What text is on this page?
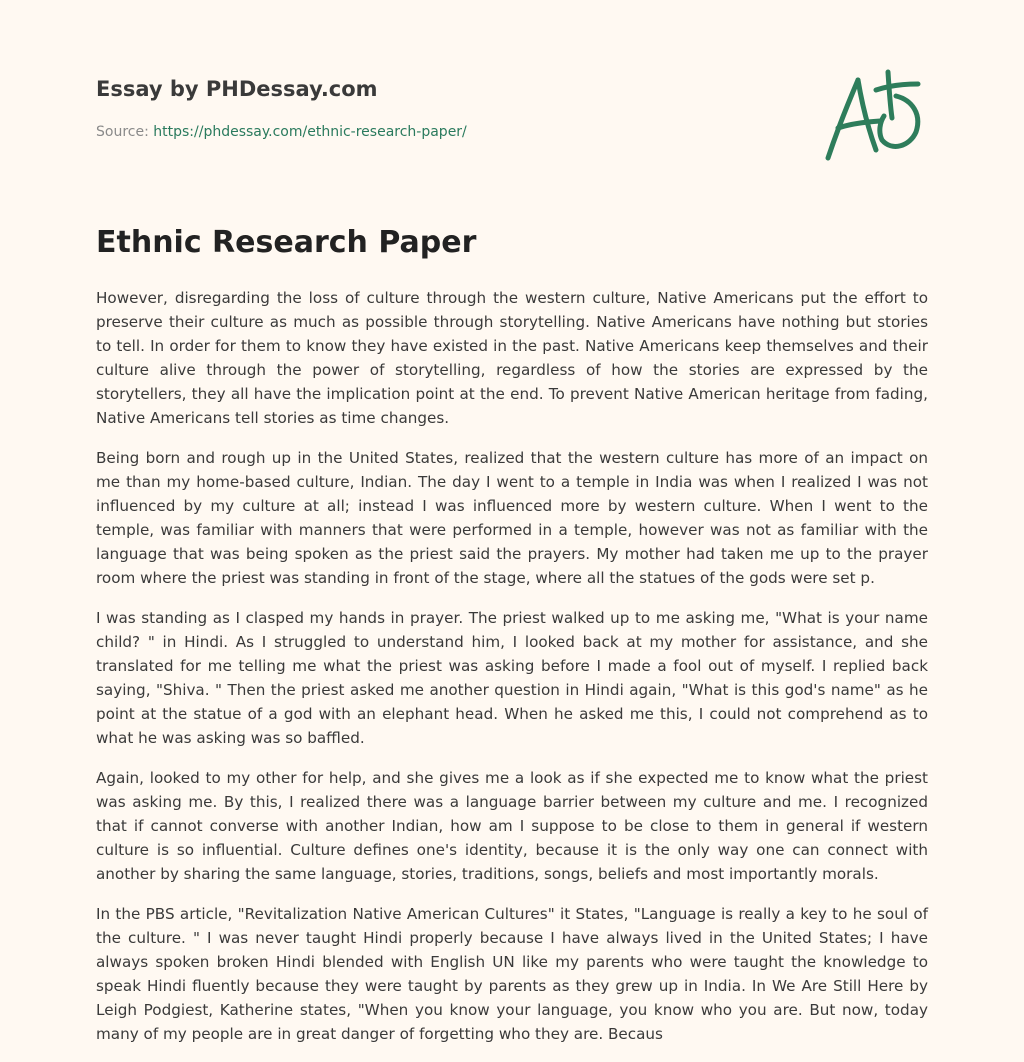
Essay by PHDessay.com
Source: https://phdessay.com/ethnic-research-paper/
Ethnic Research Paper

However, disregarding the loss of culture through the western culture, Native Americans put the effort to preserve their culture as much as possible through storytelling. Native Americans have nothing but stories to tell. In order for them to know they have existed in the past. Native Americans keep themselves and their culture alive through the power of storytelling, regardless of how the stories are expressed by the storytellers, they all have the implication point at the end. To prevent Native American heritage from fading, Native Americans tell stories as time changes.

Being born and rough up in the United States, realized that the western culture has more of an impact on me than my home-based culture, Indian. The day I went to a temple in India was when I realized I was not influenced by my culture at all; instead I was influenced more by western culture. When I went to the temple, was familiar with manners that were performed in a temple, however was not as familiar with the language that was being spoken as the priest said the prayers. My mother had taken me up to the prayer room where the priest was standing in front of the stage, where all the statues of the gods were set p.

I was standing as I clasped my hands in prayer. The priest walked up to me asking me, "What is your name child? " in Hindi. As I struggled to understand him, I looked back at my mother for assistance, and she translated for me telling me what the priest was asking before I made a fool out of myself. I replied back saying, "Shiva. " Then the priest asked me another question in Hindi again, "What is this god's name" as he point at the statue of a god with an elephant head. When he asked me this, I could not comprehend as to what he was asking was so baffled.

Again, looked to my other for help, and she gives me a look as if she expected me to know what the priest was asking me. By this, I realized there was a language barrier between my culture and me. I recognized that if cannot converse with another Indian, how am I suppose to be close to them in general if western culture is so influential. Culture defines one's identity, because it is the only way one can connect with another by sharing the same language, stories, traditions, songs, beliefs and most importantly morals.

In the PBS article, "Revitalization Native American Cultures" it States, "Language is really a key to he soul of the culture. " I was never taught Hindi properly because I have always lived in the United States; I have always spoken broken Hindi blended with English UN like my parents who were taught the knowledge to speak Hindi fluently because they were taught by parents as they grew up in India. In We Are Still Here by Leigh Podgiest, Katherine states, "When you know your language, you know who you are. But now, today many of my people are in great danger of forgetting who they are. Becaus
